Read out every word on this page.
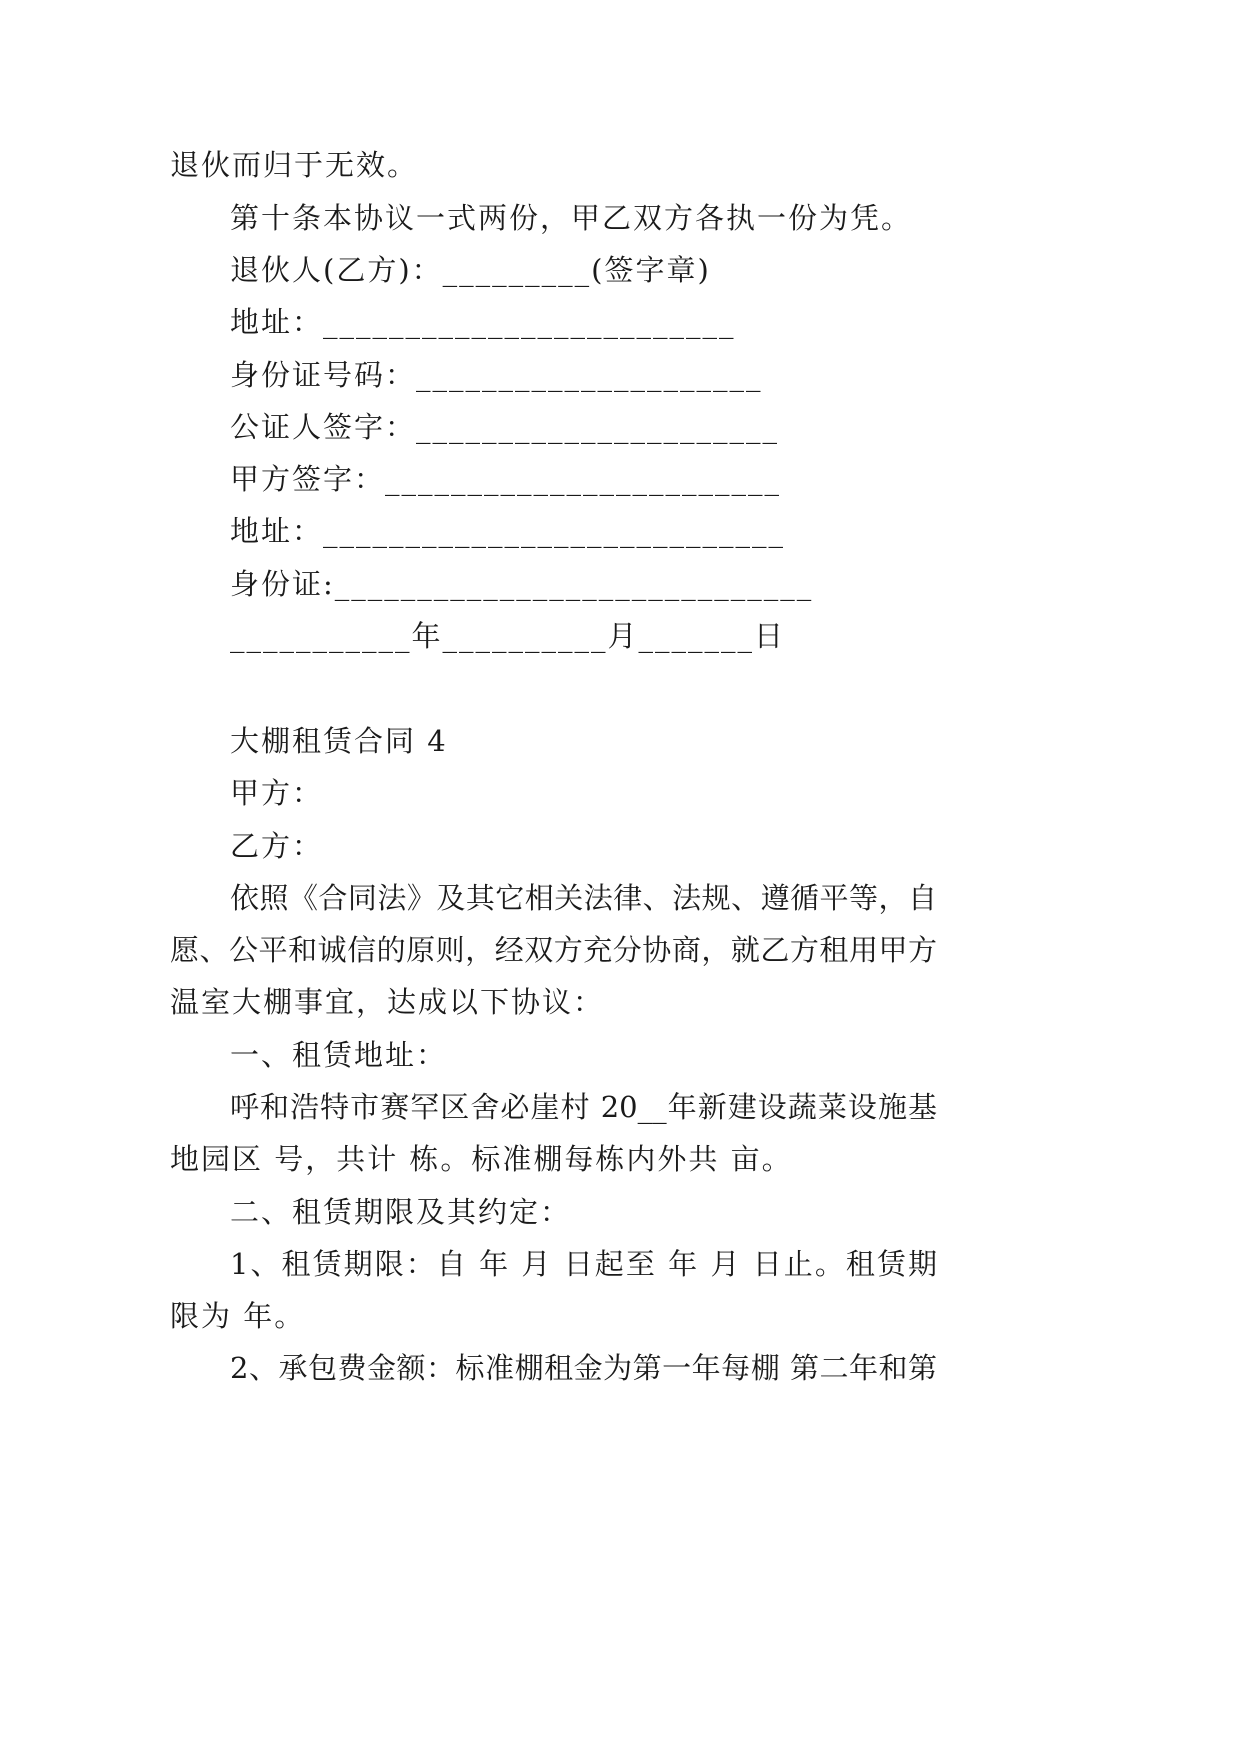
退伙而归于无效。
第十条本协议一式两份，甲乙双方各执一份为凭。
退伙人(乙方)：_________(签字章)
地址：_________________________
身份证号码：_____________________
公证人签字：______________________
甲方签字：________________________
地址：____________________________
身份证:_____________________________
___________年__________月_______日
大棚租赁合同 4
甲方：
乙方：
依照《合同法》及其它相关法律、法规、遵循平等，自
愿、公平和诚信的原则，经双方充分协商，就乙方租用甲方
温室大棚事宜，达成以下协议：
一、租赁地址：
呼和浩特市赛罕区舍必崖村 20__年新建设蔬菜设施基
地园区 号，共计 栋。标准棚每栋内外共 亩。
二、租赁期限及其约定：
1、租赁期限：自 年 月 日起至 年 月 日止。租赁期
限为 年。
2、承包费金额：标准棚租金为第一年每棚 第二年和第
